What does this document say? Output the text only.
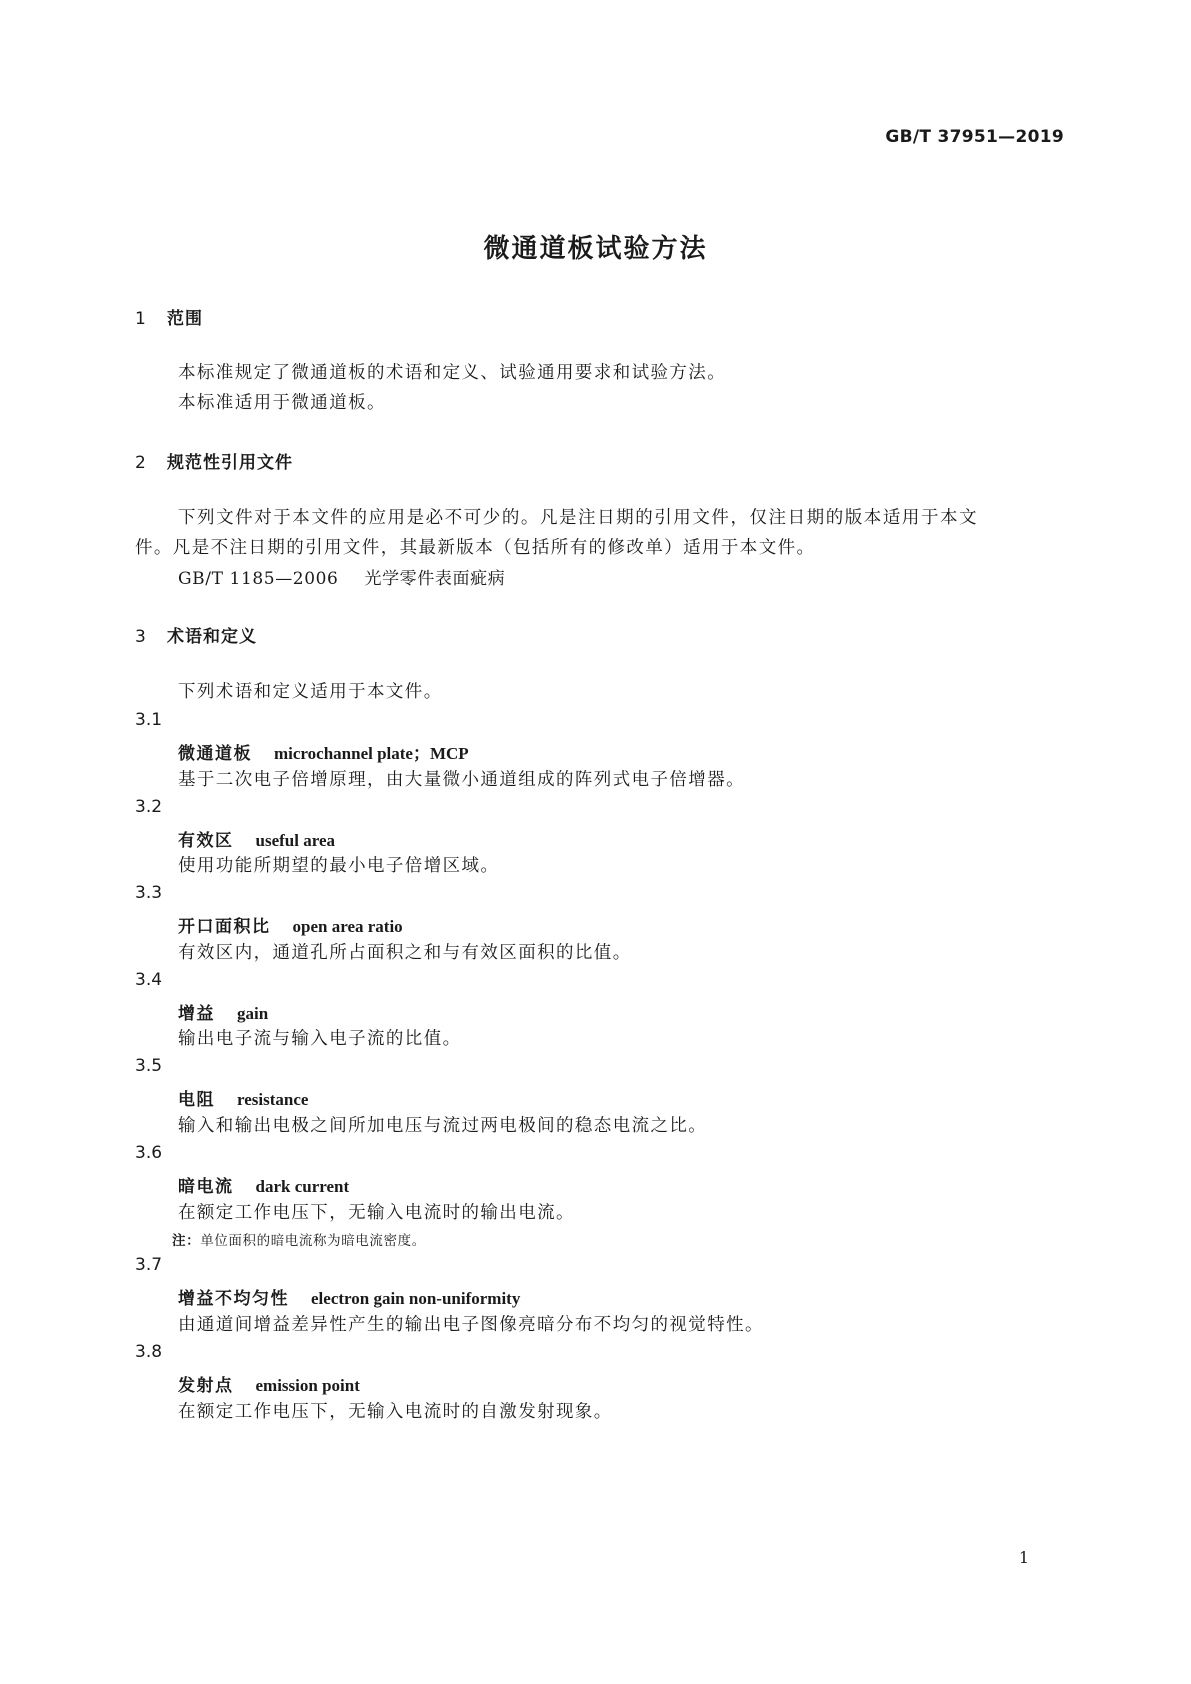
GB/T 37951—2019
微通道板试验方法
1 范围
本标准规定了微通道板的术语和定义、试验通用要求和试验方法。
本标准适用于微通道板。
2 规范性引用文件
下列文件对于本文件的应用是必不可少的。凡是注日期的引用文件，仅注日期的版本适用于本文
件。凡是不注日期的引用文件，其最新版本（包括所有的修改单）适用于本文件。
GB/T 1185—2006 光学零件表面疵病
3 术语和定义
下列术语和定义适用于本文件。
3.1
微通道板 microchannel plate；MCP
基于二次电子倍增原理，由大量微小通道组成的阵列式电子倍增器。
3.2
有效区 useful area
使用功能所期望的最小电子倍增区域。
3.3
开口面积比 open area ratio
有效区内，通道孔所占面积之和与有效区面积的比值。
3.4
增益 gain
输出电子流与输入电子流的比值。
3.5
电阻 resistance
输入和输出电极之间所加电压与流过两电极间的稳态电流之比。
3.6
暗电流 dark current
在额定工作电压下，无输入电流时的输出电流。
注：单位面积的暗电流称为暗电流密度。
3.7
增益不均匀性 electron gain non-uniformity
由通道间增益差异性产生的输出电子图像亮暗分布不均匀的视觉特性。
3.8
发射点 emission point
在额定工作电压下，无输入电流时的自激发射现象。
1
